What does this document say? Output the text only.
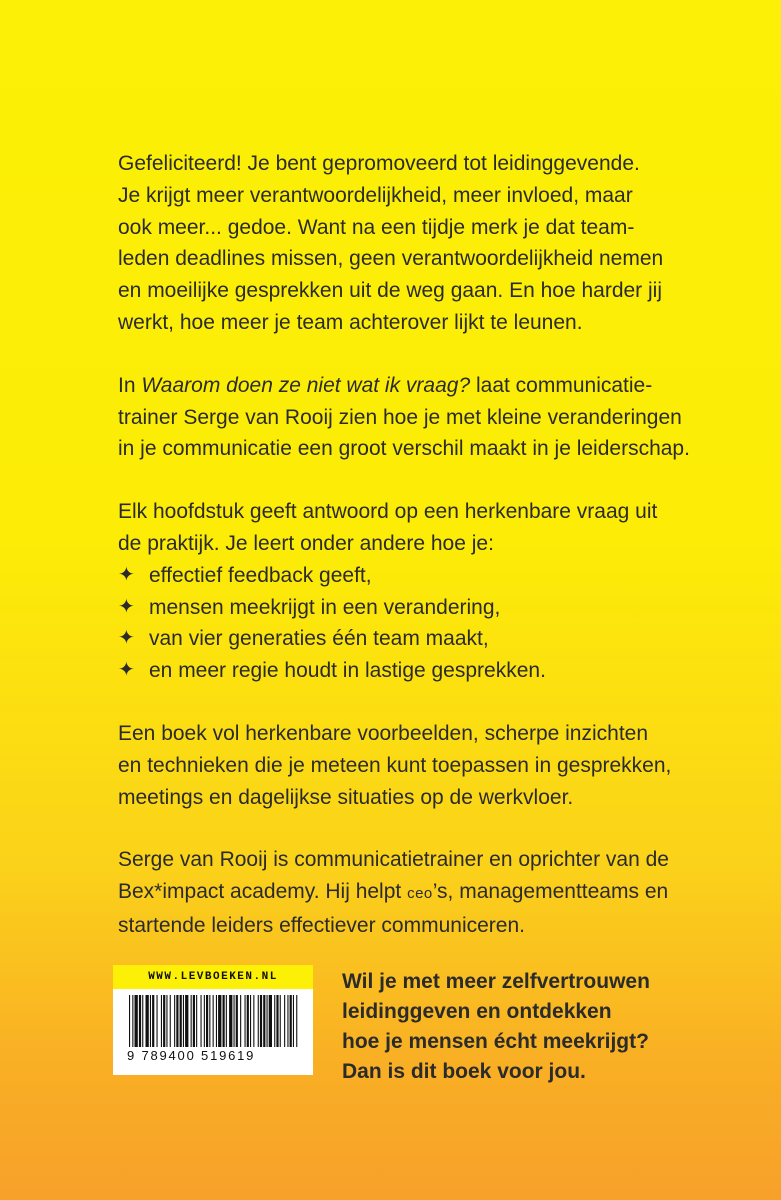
Gefeliciteerd! Je bent gepromoveerd tot leidinggevende.
Je krijgt meer verantwoordelijkheid, meer invloed, maar
ook meer... gedoe. Want na een tijdje merk je dat team-
leden deadlines missen, geen verantwoordelijkheid nemen
en moeilijke gesprekken uit de weg gaan. En hoe harder jij
werkt, hoe meer je team achterover lijkt te leunen.

In Waarom doen ze niet wat ik vraag? laat communicatie-
trainer Serge van Rooij zien hoe je met kleine veranderingen
in je communicatie een groot verschil maakt in je leiderschap.

Elk hoofdstuk geeft antwoord op een herkenbare vraag uit
de praktijk. Je leert onder andere hoe je:

✦ effectief feedback geeft,
✦ mensen meekrijgt in een verandering,
✦ van vier generaties één team maakt,
✦ en meer regie houdt in lastige gesprekken.

Een boek vol herkenbare voorbeelden, scherpe inzichten
en technieken die je meteen kunt toepassen in gesprekken,
meetings en dagelijkse situaties op de werkvloer.

Serge van Rooij is communicatietrainer en oprichter van de
Bex*impact academy. Hij helpt ceo’s, managementteams en
startende leiders effectiever communiceren.

WWW.LEVBOEKEN.NL
9 789400 519619
Wil je met meer zelfvertrouwen
leidinggeven en ontdekken
hoe je mensen écht meekrijgt?
Dan is dit boek voor jou.
